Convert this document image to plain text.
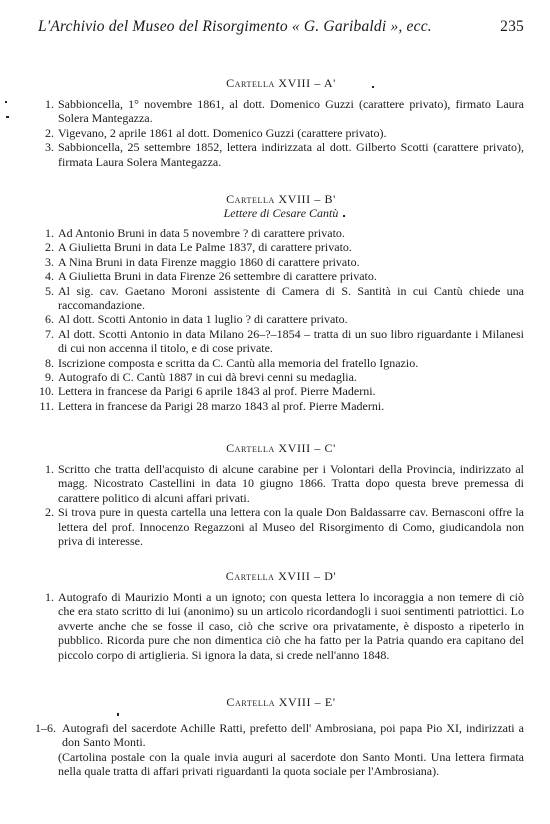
L'Archivio del Museo del Risorgimento « G. Garibaldi », ecc.	235
Cartella XVIII – A'
1. Sabbioncella, 1° novembre 1861, al dott. Domenico Guzzi (carattere privato), firmato Laura Solera Mantegazza.
2. Vigevano, 2 aprile 1861 al dott. Domenico Guzzi (carattere privato).
3. Sabbioncella, 25 settembre 1852, lettera indirizzata al dott. Gilberto Scotti (carattere privato), firmata Laura Solera Mantegazza.
Cartella XVIII – B'
Lettere di Cesare Cantù
1. Ad Antonio Bruni in data 5 novembre ? di carattere privato.
2. A Giulietta Bruni in data Le Palme 1837, di carattere privato.
3. A Nina Bruni in data Firenze maggio 1860 di carattere privato.
4. A Giulietta Bruni in data Firenze 26 settembre di carattere privato.
5. Al sig. cav. Gaetano Moroni assistente di Camera di S. Santità in cui Cantù chiede una raccomandazione.
6. Al dott. Scotti Antonio in data 1 luglio ? di carattere privato.
7. Al dott. Scotti Antonio in data Milano 26–?–1854 – tratta di un suo libro riguardante i Milanesi di cui non accenna il titolo, e di cose private.
8. Iscrizione composta e scritta da C. Cantù alla memoria del fratello Ignazio.
9. Autografo di C. Cantù 1887 in cui dà brevi cenni su medaglia.
10. Lettera in francese da Parigi 6 aprile 1843 al prof. Pierre Maderni.
11. Lettera in francese da Parigi 28 marzo 1843 al prof. Pierre Maderni.
Cartella XVIII – C'
1. Scritto che tratta dell'acquisto di alcune carabine per i Volontari della Provincia, indirizzato al magg. Nicostrato Castellini in data 10 giugno 1866. Tratta dopo questa breve premessa di carattere politico di alcuni affari privati.
2. Si trova pure in questa cartella una lettera con la quale Don Baldassarre cav. Bernasconi offre la lettera del prof. Innocenzo Regazzoni al Museo del Risorgimento di Como, giudicandola non priva di interesse.
Cartella XVIII – D'
1. Autografo di Maurizio Monti a un ignoto; con questa lettera lo incoraggia a non temere di ciò che era stato scritto di lui (anonimo) su un articolo ricordandogli i suoi sentimenti patriottici. Lo avverte anche che se fosse il caso, ciò che scrive ora privatamente, è disposto a ripeterlo in pubblico. Ricorda pure che non dimentica ciò che ha fatto per la Patria quando era capitano del piccolo corpo di artiglieria. Si ignora la data, si crede nell'anno 1848.
Cartella XVIII – E'
1–6. Autografi del sacerdote Achille Ratti, prefetto dell' Ambrosiana, poi papa Pio XI, indirizzati a don Santo Monti.
(Cartolina postale con la quale invia auguri al sacerdote don Santo Monti. Una lettera firmata nella quale tratta di affari privati riguardanti la quota sociale per l'Ambrosiana).
